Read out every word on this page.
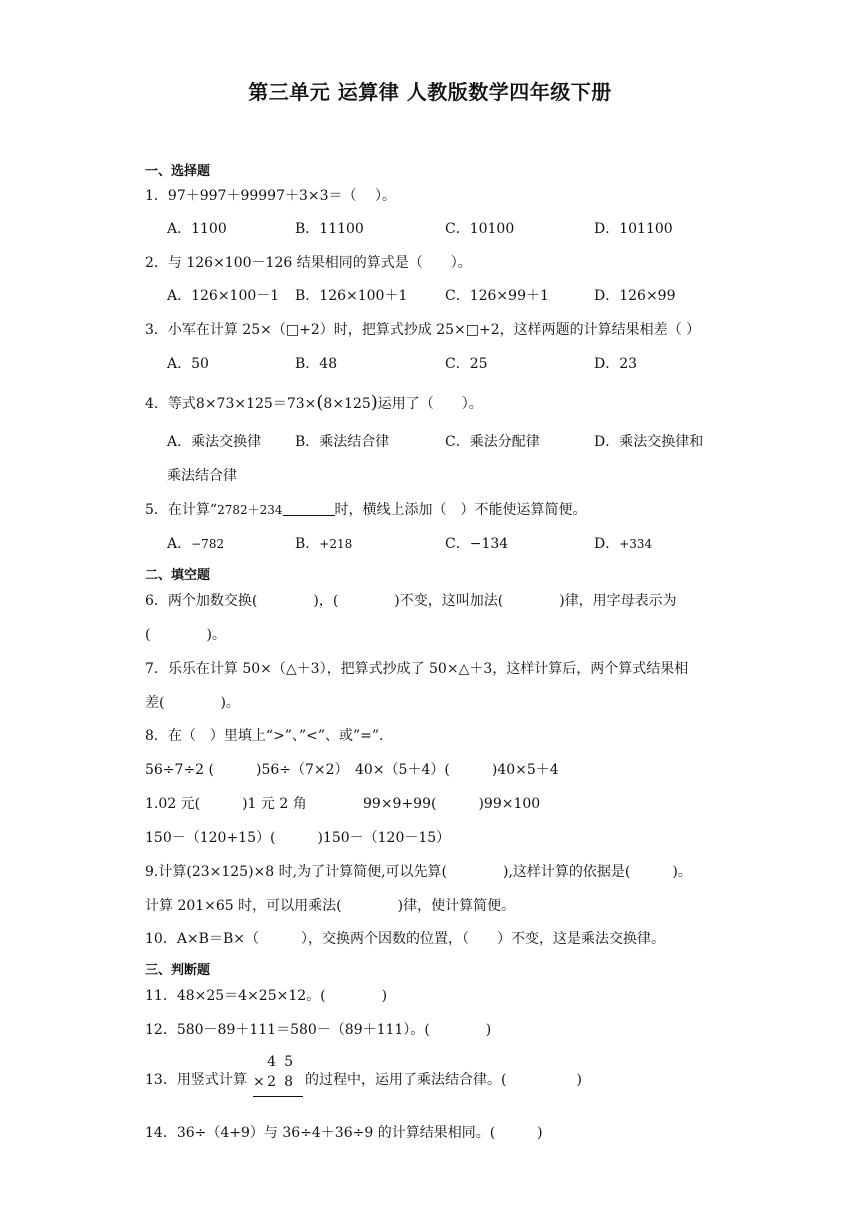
第三单元 运算律 人教版数学四年级下册
一、选择题
1．97＋997＋99997＋3×3＝（　 ）。
A．1100	B．11100	C．10100	D．101100
2．与 126×100－126 结果相同的算式是（　　）。
A．126×100－1 B．126×100＋1	C．126×99＋1	D．126×99
3．小军在计算 25×（□+2）时，把算式抄成 25×□+2，这样两题的计算结果相差（ ）
A．50	B．48	C．25	D．23
4．等式8×73×125＝73×(8×125)运用了（　　）。
A．乘法交换律 B．乘法结合律	C．乘法分配律	D．乘法交换律和
乘法结合律
5．在计算“2782＋234	时，横线上添加（　）不能使运算简便。
A．−782	B．+218	C．−134	D．+334
二、填空题
6．两个加数交换(　　　　)，(　　　　)不变，这叫加法(　　　　)律，用字母表示为
(　　　　)。
7．乐乐在计算 50×（△＋3），把算式抄成了 50×△＋3，这样计算后，两个算式结果相
差(　　　　)。
8．在（　）里填上“>”、”<”、或”=”.
56÷7÷2 (　　　)56÷（7×2） 40×（5＋4）(　　　)40×5＋4
1.02 元(　　　)1 元 2 角	99×9+99(　　　)99×100
150－（120+15）(　　　)150－（120－15）
9.计算(23×125)×8 时,为了计算简便,可以先算(　　　　),这样计算的依据是(　　　)。
计算 201×65 时，可以用乘法(　　　　)律，使计算简便。
10．A×B＝B×（　　　），交换两个因数的位置，（　　）不变，这是乘法交换律。
三、判断题
11．48×25＝4×25×12。(　　　　)
12．580－89＋111＝580－（89＋111）。(　　　　)
13．用竖式计算
45
× 28 的过程中，运用了乘法结合律。(　　　　　)
14．36÷（4+9）与 36÷4＋36÷9 的计算结果相同。(　　　)
